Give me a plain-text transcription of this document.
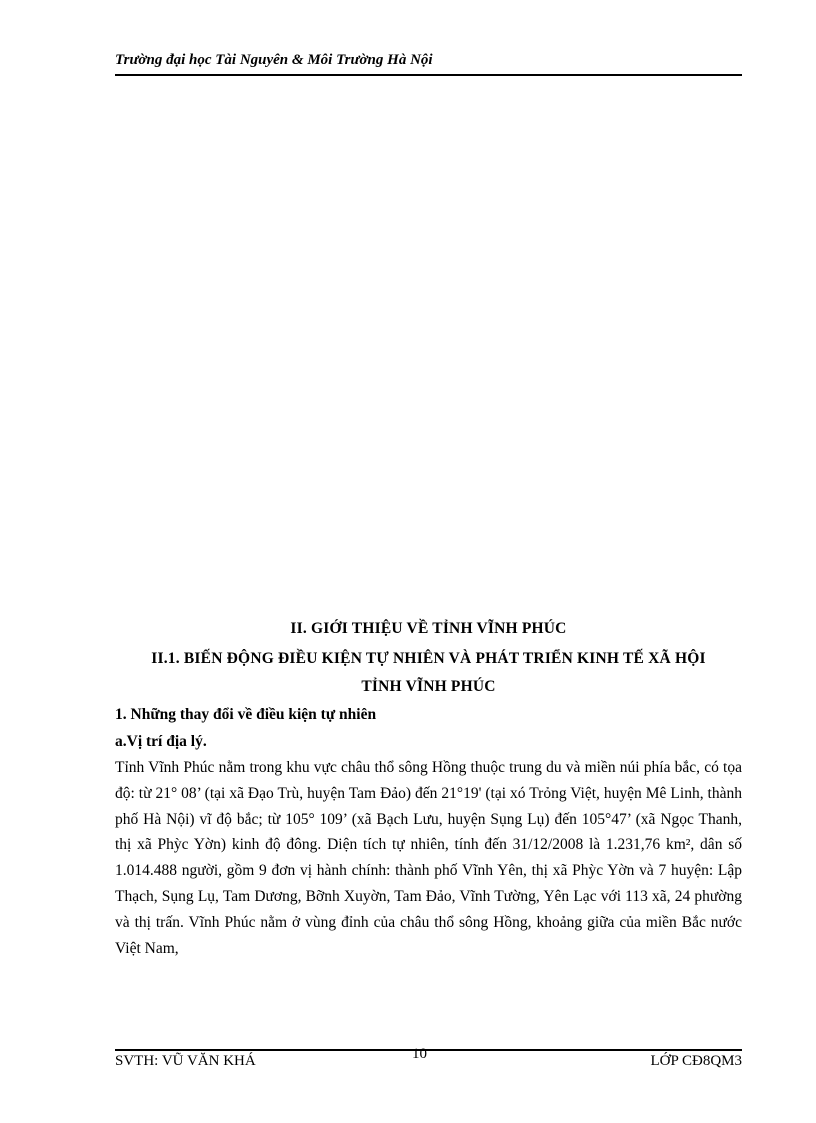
Trường đại học Tài Nguyên & Môi Trường Hà Nội
II. GIỚI THIỆU VỀ TỈNH VĨNH PHÚC
II.1. BIẾN ĐỘNG ĐIỀU KIỆN TỰ NHIÊN VÀ PHÁT TRIỂN KINH TẾ XÃ HỘI
TỈNH VĨNH PHÚC
1. Những thay đổi về điều kiện tự nhiên
a.Vị trí địa lý.
Tỉnh Vĩnh Phúc nằm trong khu vực châu thổ sông Hồng thuộc trung du và miền núi phía bắc, có tọa độ: từ 21° 08’ (tại xã Đạo Trù, huyện Tam Đảo) đến 21°19' (tại xó Trỏng Việt, huyện Mê Linh, thành phố Hà Nội) vĩ độ bắc; từ 105° 109’ (xã Bạch Lưu, huyện Sụng Lụ) đến 105°47’ (xã Ngọc Thanh, thị xã Phỳc Yờn) kinh độ đông. Diện tích tự nhiên, tính đến 31/12/2008 là 1.231,76 km², dân số 1.014.488 người, gồm 9 đơn vị hành chính: thành phố Vĩnh Yên, thị xã Phỳc Yờn và 7 huyện: Lập Thạch, Sụng Lụ, Tam Dương, Bỡnh Xuyờn, Tam Đảo, Vĩnh Tường, Yên Lạc với 113 xã, 24 phường và thị trấn. Vĩnh Phúc nằm ở vùng đỉnh của châu thổ sông Hồng, khoảng giữa của miền Bắc nước Việt Nam,
SVTH: VŨ VĂN KHÁ	10	LỚP CĐ8QM3
